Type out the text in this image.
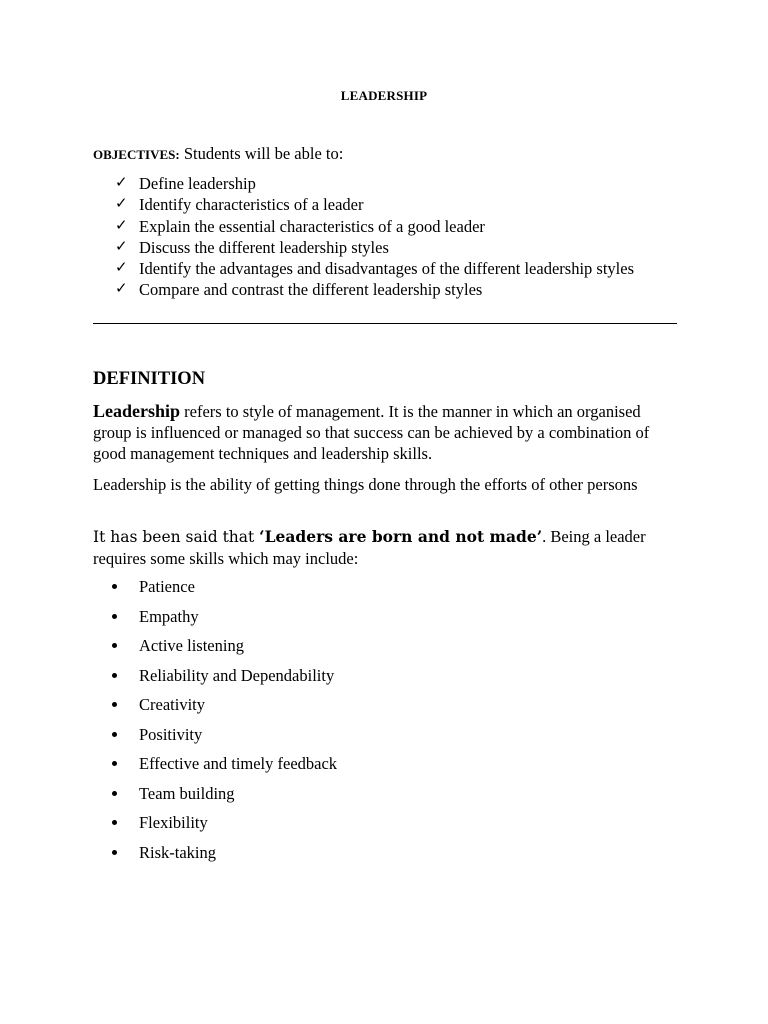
LEADERSHIP
OBJECTIVES: Students will be able to:
✓ Define leadership
✓ Identify characteristics of a leader
✓ Explain the essential characteristics of a good leader
✓ Discuss the different leadership styles
✓ Identify the advantages and disadvantages of the different leadership styles
✓ Compare and contrast the different leadership styles
DEFINITION

Leadership refers to style of management. It is the manner in which an organised group is influenced or managed so that success can be achieved by a combination of good management techniques and leadership skills.

Leadership is the ability of getting things done through the efforts of other persons

It has been said that ‘Leaders are born and not made’. Being a leader requires some skills which may include:

Patience
Empathy
Active listening
Reliability and Dependability
Creativity
Positivity
Effective and timely feedback
Team building
Flexibility
Risk-taking
